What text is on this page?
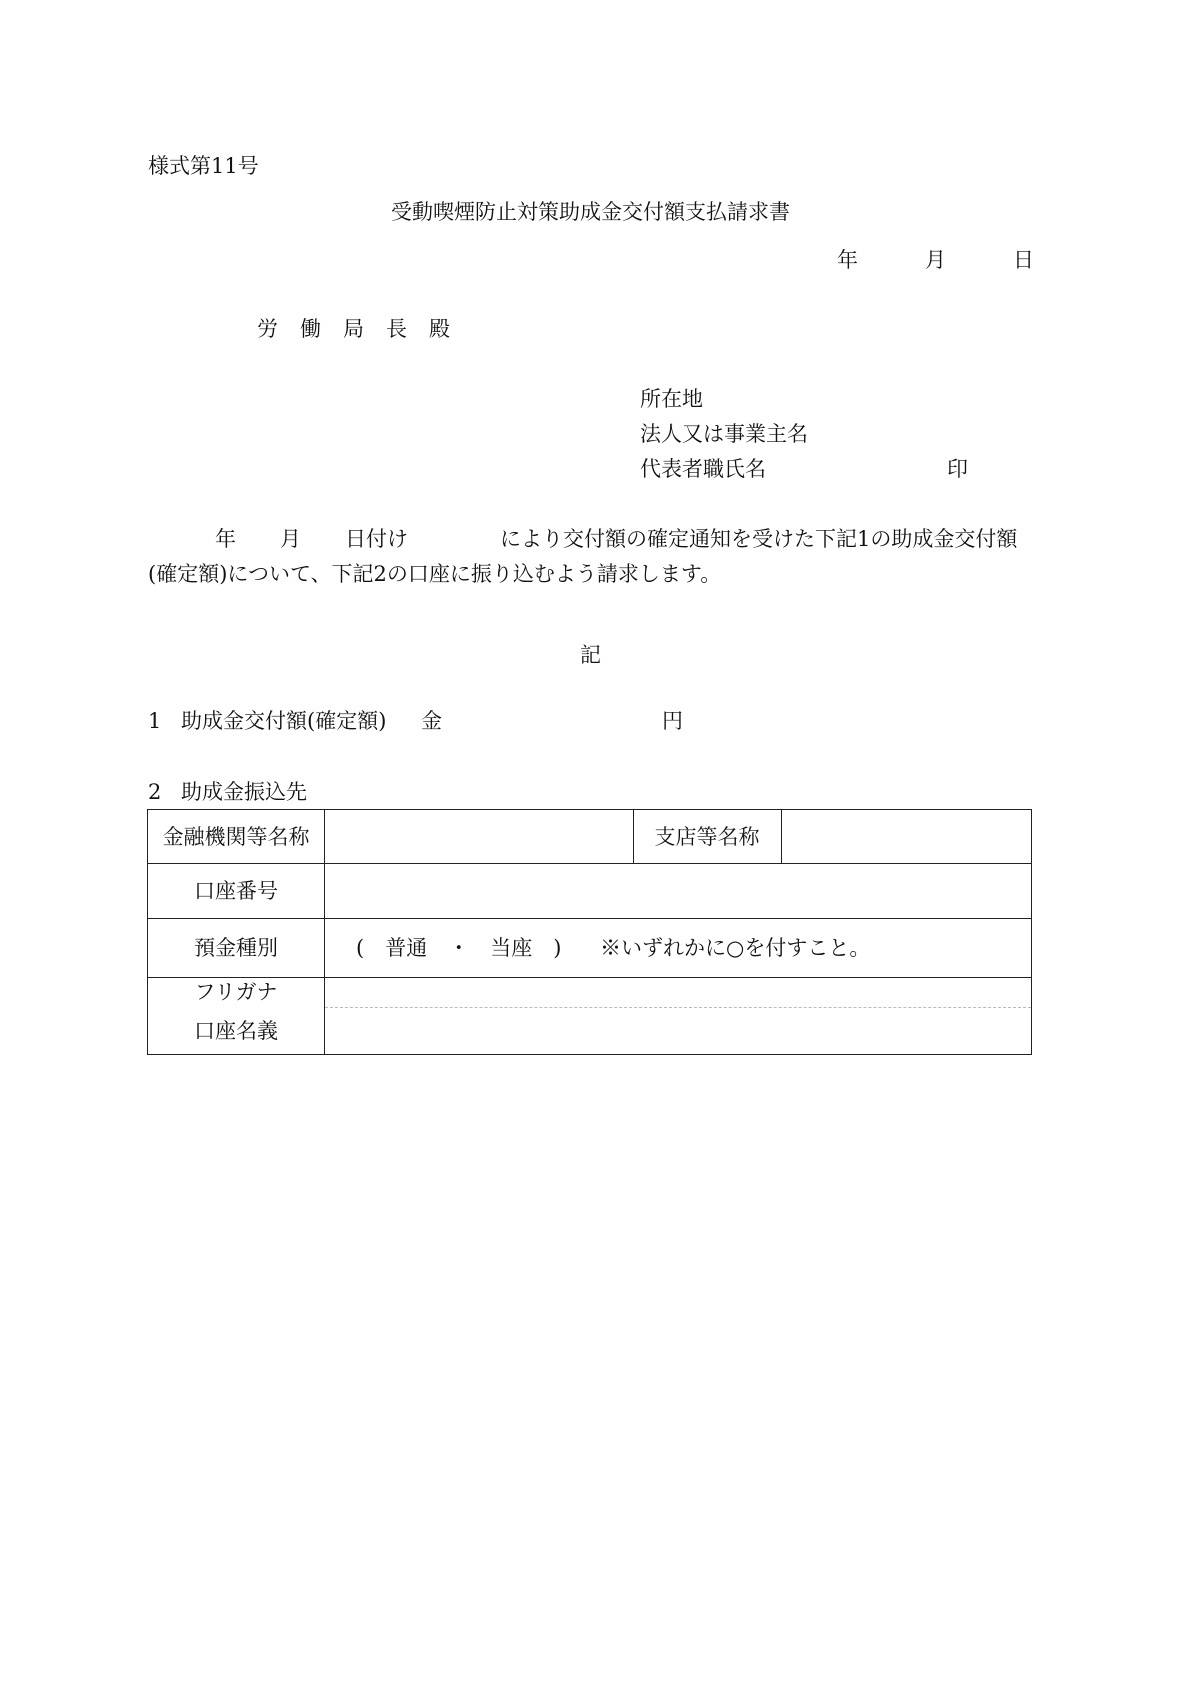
様式第11号
受動喫煙防止対策助成金交付額支払請求書
年	月	日
労働局長殿
所在地
法人又は事業主名
代表者職氏名	印
年 月 日付け	により交付額の確定通知を受けた下記1の助成金交付額
(確定額)について、下記2の口座に振り込むよう請求します。
記
1 助成金交付額(確定額) 金	円
2 助成金振込先
金融機関等名称	支店等名称
口座番号
預金種別	(　普通　・　当座　) ※いずれかに○を付すこと。
フリガナ
口座名義
